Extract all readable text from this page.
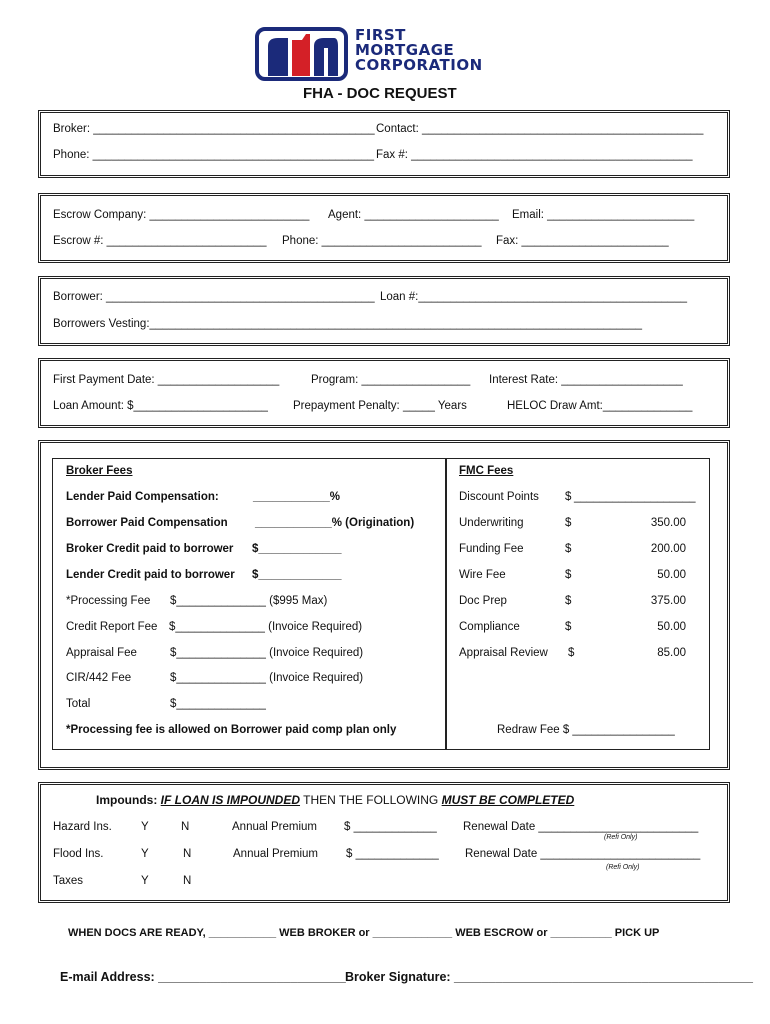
FIRST
MORTGAGE
CORPORATION
FHA - DOC REQUEST
Broker: ____________________________________________ Contact: ____________________________________________
Phone: ____________________________________________ Fax #: ____________________________________________
Escrow Company: _________________________ Agent: _____________________ Email: _______________________
Escrow #: _________________________ Phone: _________________________ Fax: _______________________
Borrower: __________________________________________ Loan #:__________________________________________
Borrowers Vesting:_____________________________________________________________________________
First Payment Date: ___________________	Program: _________________ Interest Rate: ___________________
Loan Amount: $_____________________ Prepayment Penalty: _____ Years	HELOC Draw Amt:______________
Broker Fees	FMC Fees
Lender Paid Compensation:	____________%
Borrower Paid Compensation ____________% (Origination)
Broker Credit paid to borrower $_____________
Lender Credit paid to borrower $_____________
*Processing Fee $______________ ($995 Max)
Credit Report Fee $______________ (Invoice Required)
Appraisal Fee	$______________ (Invoice Required)
CIR/442 Fee	$______________ (Invoice Required)
Total	$______________
*Processing fee is allowed on Borrower paid comp plan only
Discount Points $ ___________________
Underwriting	$	350.00
Funding Fee	$	200.00
Wire Fee	$	50.00
Doc Prep	$	375.00
Compliance	$	50.00
Appraisal Review $	85.00
Redraw Fee $ ________________
Impounds: IF LOAN IS IMPOUNDED THEN THE FOLLOWING MUST BE COMPLETED
Hazard Ins.	Y	N	Annual Premium $ _____________ Renewal Date _________________________
(Refi Only)
Flood Ins.	Y	N	Annual Premium $ _____________ Renewal Date _________________________
(Refi Only)
Taxes	Y	N
WHEN DOCS ARE READY, ___________ WEB BROKER or _____________ WEB ESCROW or __________ PICK UP
E-mail Address: ___________________________ Broker Signature: ___________________________________________
